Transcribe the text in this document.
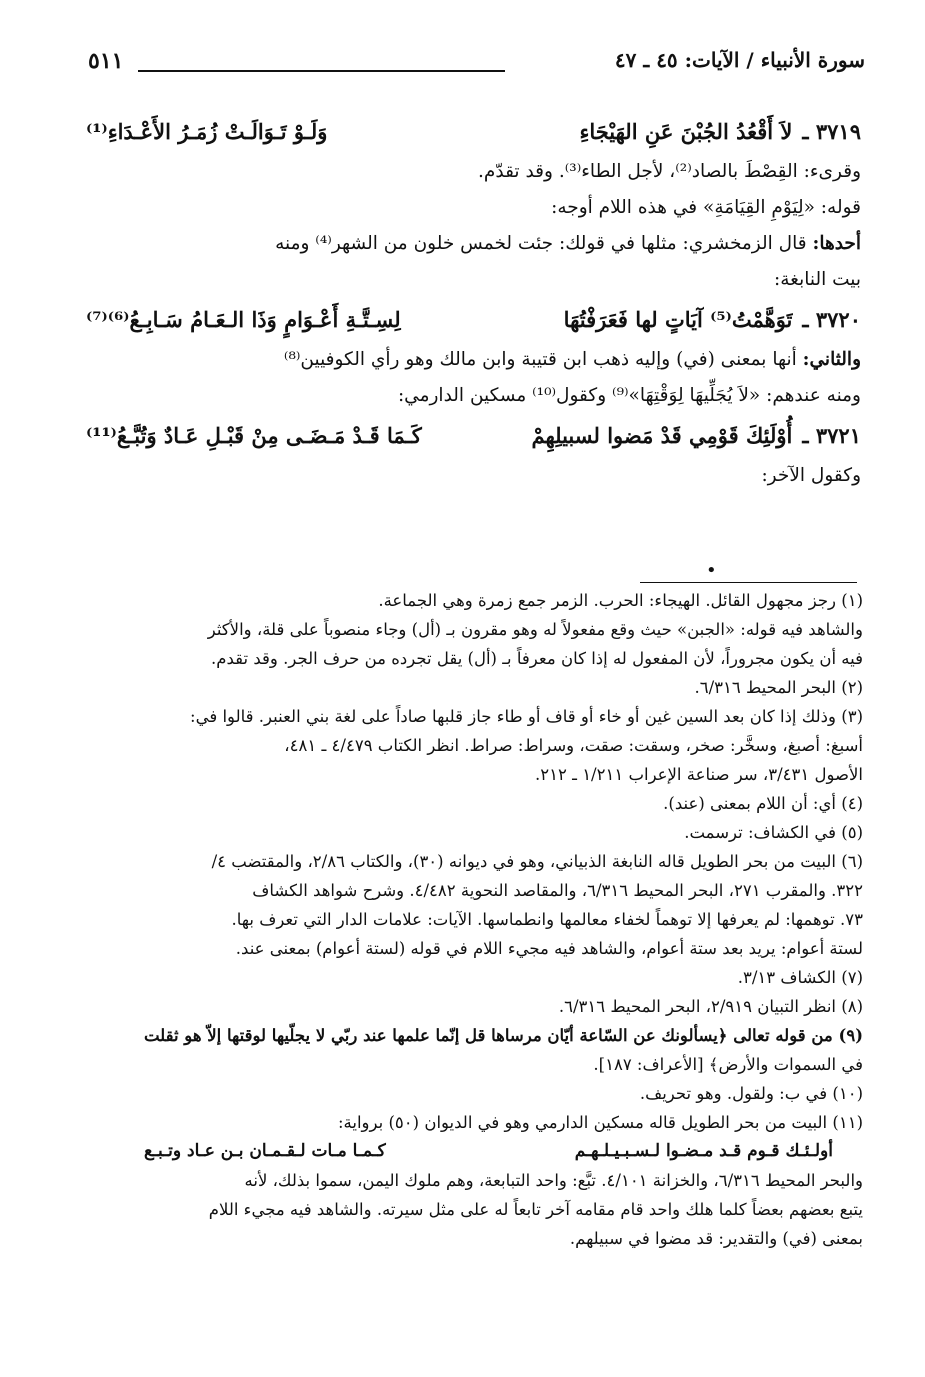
سورة الأنبياء / الآيات: ٤٥ ـ ٤٧
٥١١
٣٧١٩ ـ
لاَ أَقْعُدُ الجُبْنَ عَنِ الهَيْجَاءِ
وَلَـوْ تَـوَالَـتْ زُمَـرُ الأَعْـدَاءِ⁽¹⁾

وقرىء: القِصْطَ بالصاد⁽²⁾، لأجل الطاء⁽³⁾. وقد تقدّم.

قوله: «لِيَوْمِ القِيَامَةِ» في هذه اللام أوجه:

أحدها: قال الزمخشري: مثلها في قولك: جئت لخمس خلون من الشهر⁽⁴⁾ ومنه

بيت النابغة:

٣٧٢٠ ـ
تَوَهَّمْتُ⁽⁵⁾ آيَاتٍ لها فَعَرَفْتُهَا
لِسِـتَّـةِ أَعْـوَامٍ وَذَا الـعَـامُ سَـابِـعُ⁽⁶⁾⁽⁷⁾

والثاني: أنها بمعنى (في) وإليه ذهب ابن قتيبة وابن مالك وهو رأي الكوفيين⁽⁸⁾

ومنه عندهم: «لاَ يُجَلِّيهَا لِوَقْتِهَا»⁽⁹⁾ وكقول⁽¹⁰⁾ مسكين الدارمي:

٣٧٢١ ـ
أُوْلَئِكَ قَوْمِي قَدْ مَضوا لسبيلِهِمْ
كَـمَا قَـدْ مَـضَـى مِنْ قَبْـلِ عَـادٌ وَتُبَّـعُ⁽¹¹⁾

وكقول الآخر:

•
(١) رجز مجهول القائل. الهيجاء: الحرب. الزمر جمع زمرة وهي الجماعة.
والشاهد فيه قوله: «الجبن» حيث وقع مفعولاً له وهو مقرون بـ (أل) وجاء منصوباً على قلة، والأكثر
فيه أن يكون مجروراً، لأن المفعول له إذا كان معرفاً بـ (أل) يقل تجرده من حرف الجر. وقد تقدم.
(٢) البحر المحيط ٦/٣١٦.
(٣) وذلك إذا كان بعد السين غين أو خاء أو قاف أو طاء جاز قلبها صاداً على لغة بني العنبر. قالوا في:
أسبغ: أصبغ، وسخَّر: صخر، وسقت: صقت، وسراط: صراط. انظر الكتاب ٤/٤٧٩ ـ ٤٨١،
الأصول ٣/٤٣١، سر صناعة الإعراب ١/٢١١ ـ ٢١٢.
(٤) أي: أن اللام بمعنى (عند).
(٥) في الكشاف: ترسمت.
(٦) البيت من بحر الطويل قاله النابغة الذبياني، وهو في ديوانه (٣٠)، والكتاب ٢/٨٦، والمقتضب ٤/
٣٢٢. والمقرب ٢٧١، البحر المحيط ٦/٣١٦، والمقاصد النحوية ٤/٤٨٢. وشرح شواهد الكشاف
٧٣. توهمها: لم يعرفها إلا توهماً لخفاء معالمها وانطماسها. الآيات: علامات الدار التي تعرف بها.
لستة أعوام: يريد بعد ستة أعوام، والشاهد فيه مجيء اللام في قوله (لستة أعوام) بمعنى عند.
(٧) الكشاف ٣/١٣.
(٨) انظر التبيان ٢/٩١٩، البحر المحيط ٦/٣١٦.
(٩) من قوله تعالى ﴿يسألونك عن السّاعة أيّان مرساها قل إنّما علمها عند ربّي لا يجلّيها لوقتها إلاّ هو ثقلت
في السموات والأرض﴾ [الأعراف: ١٨٧].
(١٠) في ب: ولقول. وهو تحريف.
(١١) البيت من بحر الطويل قاله مسكين الدارمي وهو في الديوان (٥٠) برواية:
أولـئـك قـوم قـد مـضـوا لـسـبـيـلـهـم
كـمـا مـات لـقـمـان بـن عـاد وتـبـع
والبحر المحيط ٦/٣١٦، والخزانة ٤/١٠١. تبَّع: واحد التبابعة، وهم ملوك اليمن، سموا بذلك، لأنه
يتبع بعضهم بعضاً كلما هلك واحد قام مقامه آخر تابعاً له على مثل سيرته. والشاهد فيه مجيء اللام
بمعنى (في) والتقدير: قد مضوا في سبيلهم.
